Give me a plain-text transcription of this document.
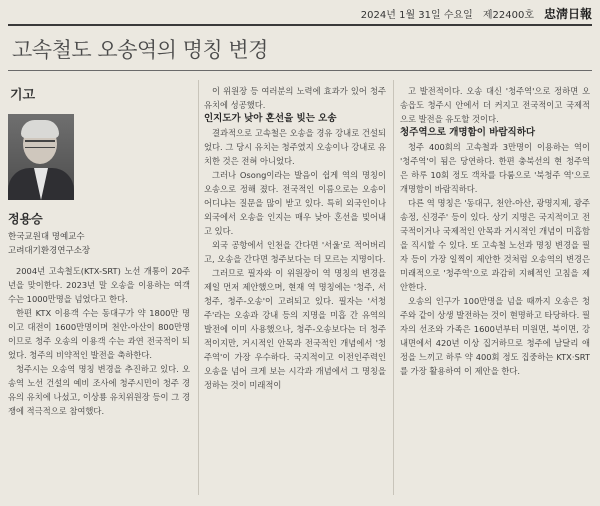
2024년 1월 31일 수요일 제22400호 忠淸日報
고속철도 오송역의 명칭 변경
기고
정용승
한국교원대 명예교수
고려대기환경연구소장

2004년 고속철도(KTX-SRT) 노선 개통이 20주년을 맞이한다. 2023년 말 오송을 이용하는 여객 수는 1000만명을 넘었다고 한다.

한편 KTX 이용객 수는 동대구가 약 1800만 명이고 대전이 1600만명이며 천안-아산이 800만명이므로 청주 오송의 이용객 수는 과연 전국적이 되었다. 청주의 비약적인 발전을 축하한다.

청주시는 오송역 명칭 변경을 추진하고 있다. 오송역 노선 건설의 예비 조사에 청주시민이 청주 경유의 유치에 나섰고, 이상룡 유치위원장 등이 그 경쟁에 적극적으로 참여했다.

이 위원장 등 여러분의 노력에 효과가 있어 청주 유치에 성공했다.

인지도가 낮아 혼선을 빚는 오송

결과적으로 고속철은 오송을 경유 강내로 건설되었다. 그 당시 유치는 청주였지 오송이나 강내로 유치한 것은 전혀 아니었다.

그러나 Osong이라는 발음이 쉽게 역의 명칭이 오송으로 정해 졌다. 전국적인 이름으로는 오송이 어디냐는 질문을 많이 받고 있다. 특히 외국인이나 외국에서 오송을 인지는 매우 낮아 혼선을 빚어내고 있다.

외국 공항에서 인천을 간다면 '서울'로 적어버리고, 오송을 간다면 청주보다는 더 모르는 지명이다.

그러므로 필자와 이 위원장이 역 명칭의 변경을 제일 먼저 제안했으며, 현재 역 명칭에는 '청주, 서청주, 청주-오송'이 고려되고 있다. 필자는 '서청주'라는 오송과 강내 등의 지명을 미흡 간 유역의 발전에 이미 사용했으나, 청주-오송보다는 더 청주적이지만, 거시적인 안목과 전국적인 개념에서 '청주역'이 가장 우수하다. 국지적이고 이전인주력인 오송을 넘어 크게 보는 시각과 개념에서 그 명칭을 정하는 것이 미래적이

고 발전적이다. 오송 대신 '청주역'으로 정하면 오송읍도 청주시 안에서 더 커지고 전국적이고 국제적으로 발전을 유도할 것이다.

청주역으로 개명함이 바람직하다

청주 400회의 고속철과 3만명이 이용하는 역이 '청주역'이 됨은 당연하다. 한편 충북선의 현 청주역은 하루 10회 정도 객차를 다룸으로 '북청주 역'으로 개명함이 바람직하다.

다른 역 명칭은 '동대구, 천안-아산, 광명지제, 광주송정, 신경주' 등이 있다. 상기 지명은 국지적이고 전국적이거나 국제적인 안목과 거시적인 개념이 미흡함을 직시할 수 있다. 또 고속철 노선과 명칭 변경을 필자 등이 가장 일찍이 제안한 것처럼 오송역의 변경은 미래적으로 '청주역'으로 과감히 지혜적인 고침을 제안한다.

오송의 인구가 100만명을 넘을 때까지 오송은 청주와 같이 상생 발전하는 것이 현명하고 타당하다. 필자의 선조와 가족은 1600년부터 미원면, 북이면, 강내면에서 420년 이상 집거하므로 청주에 남달리 애정을 느끼고 하루 약 400회 정도 집중하는 KTX·SRT를 가장 활용하여 이 제안을 한다.
